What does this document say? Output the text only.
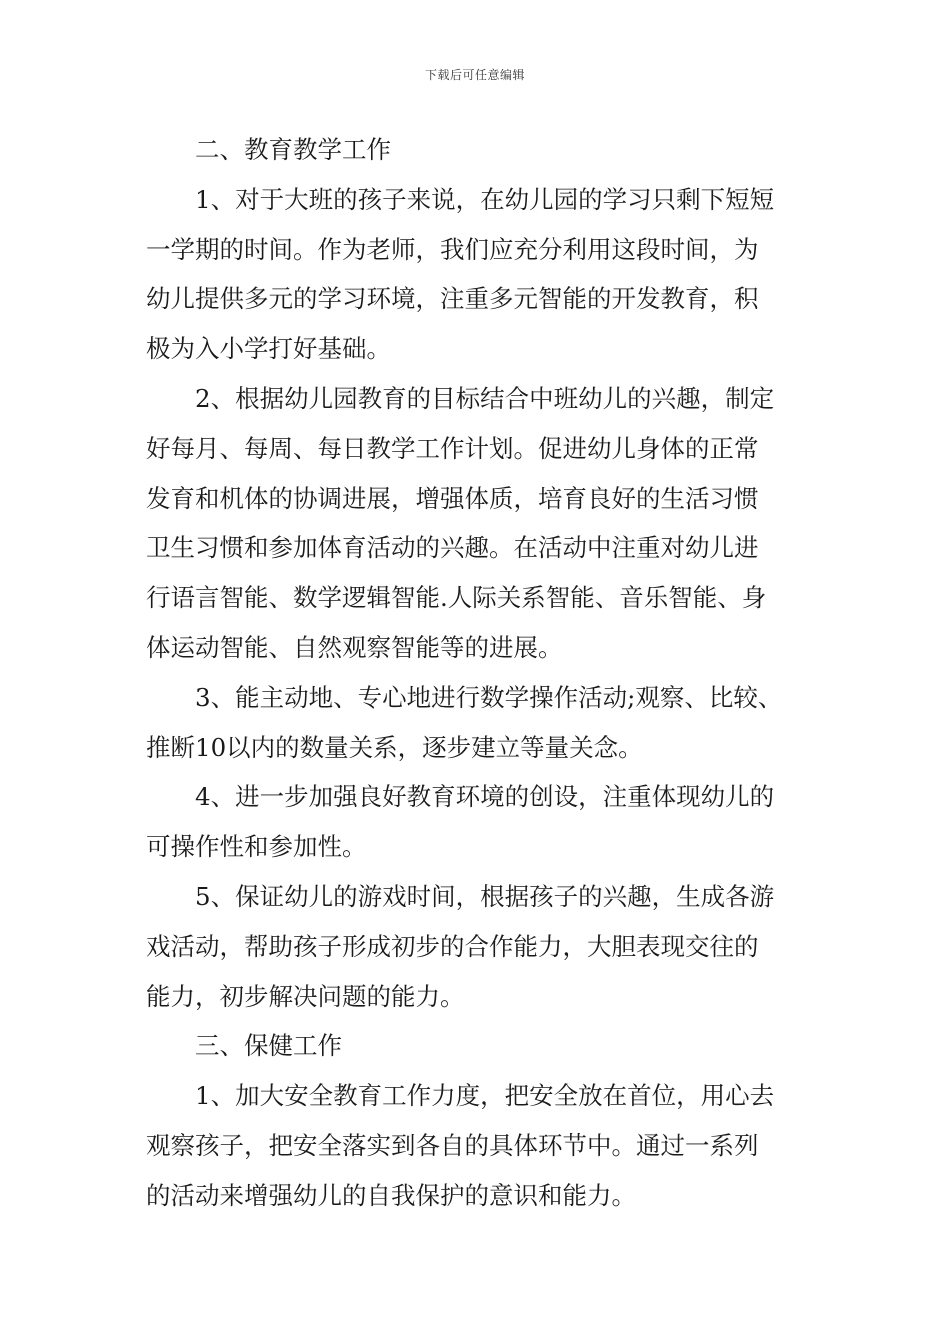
下载后可任意编辑
二、教育教学工作
1、对于大班的孩子来说，在幼儿园的学习只剩下短短
一学期的时间。作为老师，我们应充分利用这段时间，为
幼儿提供多元的学习环境，注重多元智能的开发教育，积
极为入小学打好基础。
2、根据幼儿园教育的目标结合中班幼儿的兴趣，制定
好每月、每周、每日教学工作计划。促进幼儿身体的正常
发育和机体的协调进展，增强体质，培育良好的生活习惯
卫生习惯和参加体育活动的兴趣。在活动中注重对幼儿进
行语言智能、数学逻辑智能.人际关系智能、音乐智能、身
体运动智能、自然观察智能等的进展。
3、能主动地、专心地进行数学操作活动;观察、比较、
推断10以内的数量关系，逐步建立等量关念。
4、进一步加强良好教育环境的创设，注重体现幼儿的
可操作性和参加性。
5、保证幼儿的游戏时间，根据孩子的兴趣，生成各游
戏活动，帮助孩子形成初步的合作能力，大胆表现交往的
能力，初步解决问题的能力。
三、保健工作
1、加大安全教育工作力度，把安全放在首位，用心去
观察孩子，把安全落实到各自的具体环节中。通过一系列
的活动来增强幼儿的自我保护的意识和能力。
